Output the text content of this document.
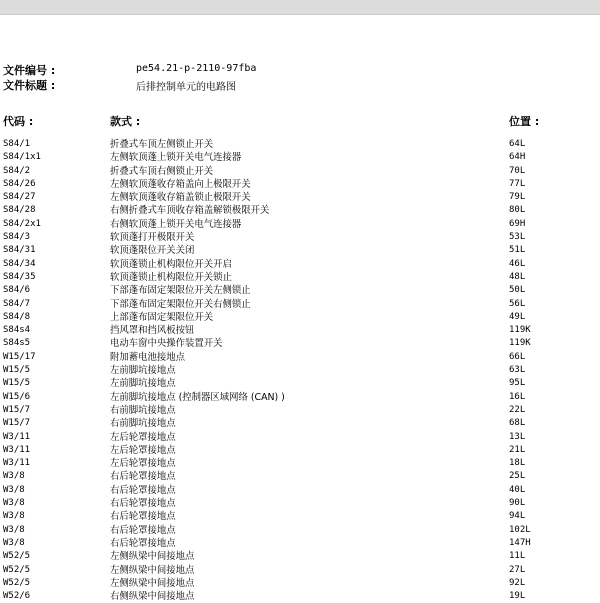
文件编号 :	pe54.21-p-2110-97fba
文件标题 :	后排控制单元的电路图
代码 :	款式 :	位置 :
S84/1	折叠式车顶左侧锁止开关	64L
S84/1x1	左侧软顶蓬上锁开关电气连接器	64H
S84/2	折叠式车顶右侧锁止开关	70L
S84/26	左侧软顶蓬收存箱盖向上极限开关	77L
S84/27	左侧软顶蓬收存箱盖锁止极限开关	79L
S84/28	右侧折叠式车顶收存箱盖解锁极限开关	80L
S84/2x1	右侧软顶蓬上锁开关电气连接器	69H
S84/3	软顶蓬打开极限开关	53L
S84/31	软顶蓬限位开关关闭	51L
S84/34	软顶蓬锁止机构限位开关开启	46L
S84/35	软顶蓬锁止机构限位开关锁止	48L
S84/6	下部蓬布固定架限位开关左侧锁止	50L
S84/7	下部蓬布固定架限位开关右侧锁止	56L
S84/8	上部蓬布固定架限位开关	49L
S84s4	挡风罩和挡风板按钮	119K
S84s5	电动车窗中央操作装置开关	119K
W15/17	附加蓄电池接地点	66L
W15/5	左前脚坑接地点	63L
W15/5	左前脚坑接地点	95L
W15/6	左前脚坑接地点 (控制器区域网络 (CAN) )	16L
W15/7	右前脚坑接地点	22L
W15/7	右前脚坑接地点	68L
W3/11	左后轮罩接地点	13L
W3/11	左后轮罩接地点	21L
W3/11	左后轮罩接地点	18L
W3/8	右后轮罩接地点	25L
W3/8	右后轮罩接地点	40L
W3/8	右后轮罩接地点	90L
W3/8	右后轮罩接地点	94L
W3/8	右后轮罩接地点	102L
W3/8	右后轮罩接地点	147H
W52/5	左侧纵梁中间接地点	11L
W52/5	左侧纵梁中间接地点	27L
W52/5	左侧纵梁中间接地点	92L
W52/6	右侧纵梁中间接地点	19L
